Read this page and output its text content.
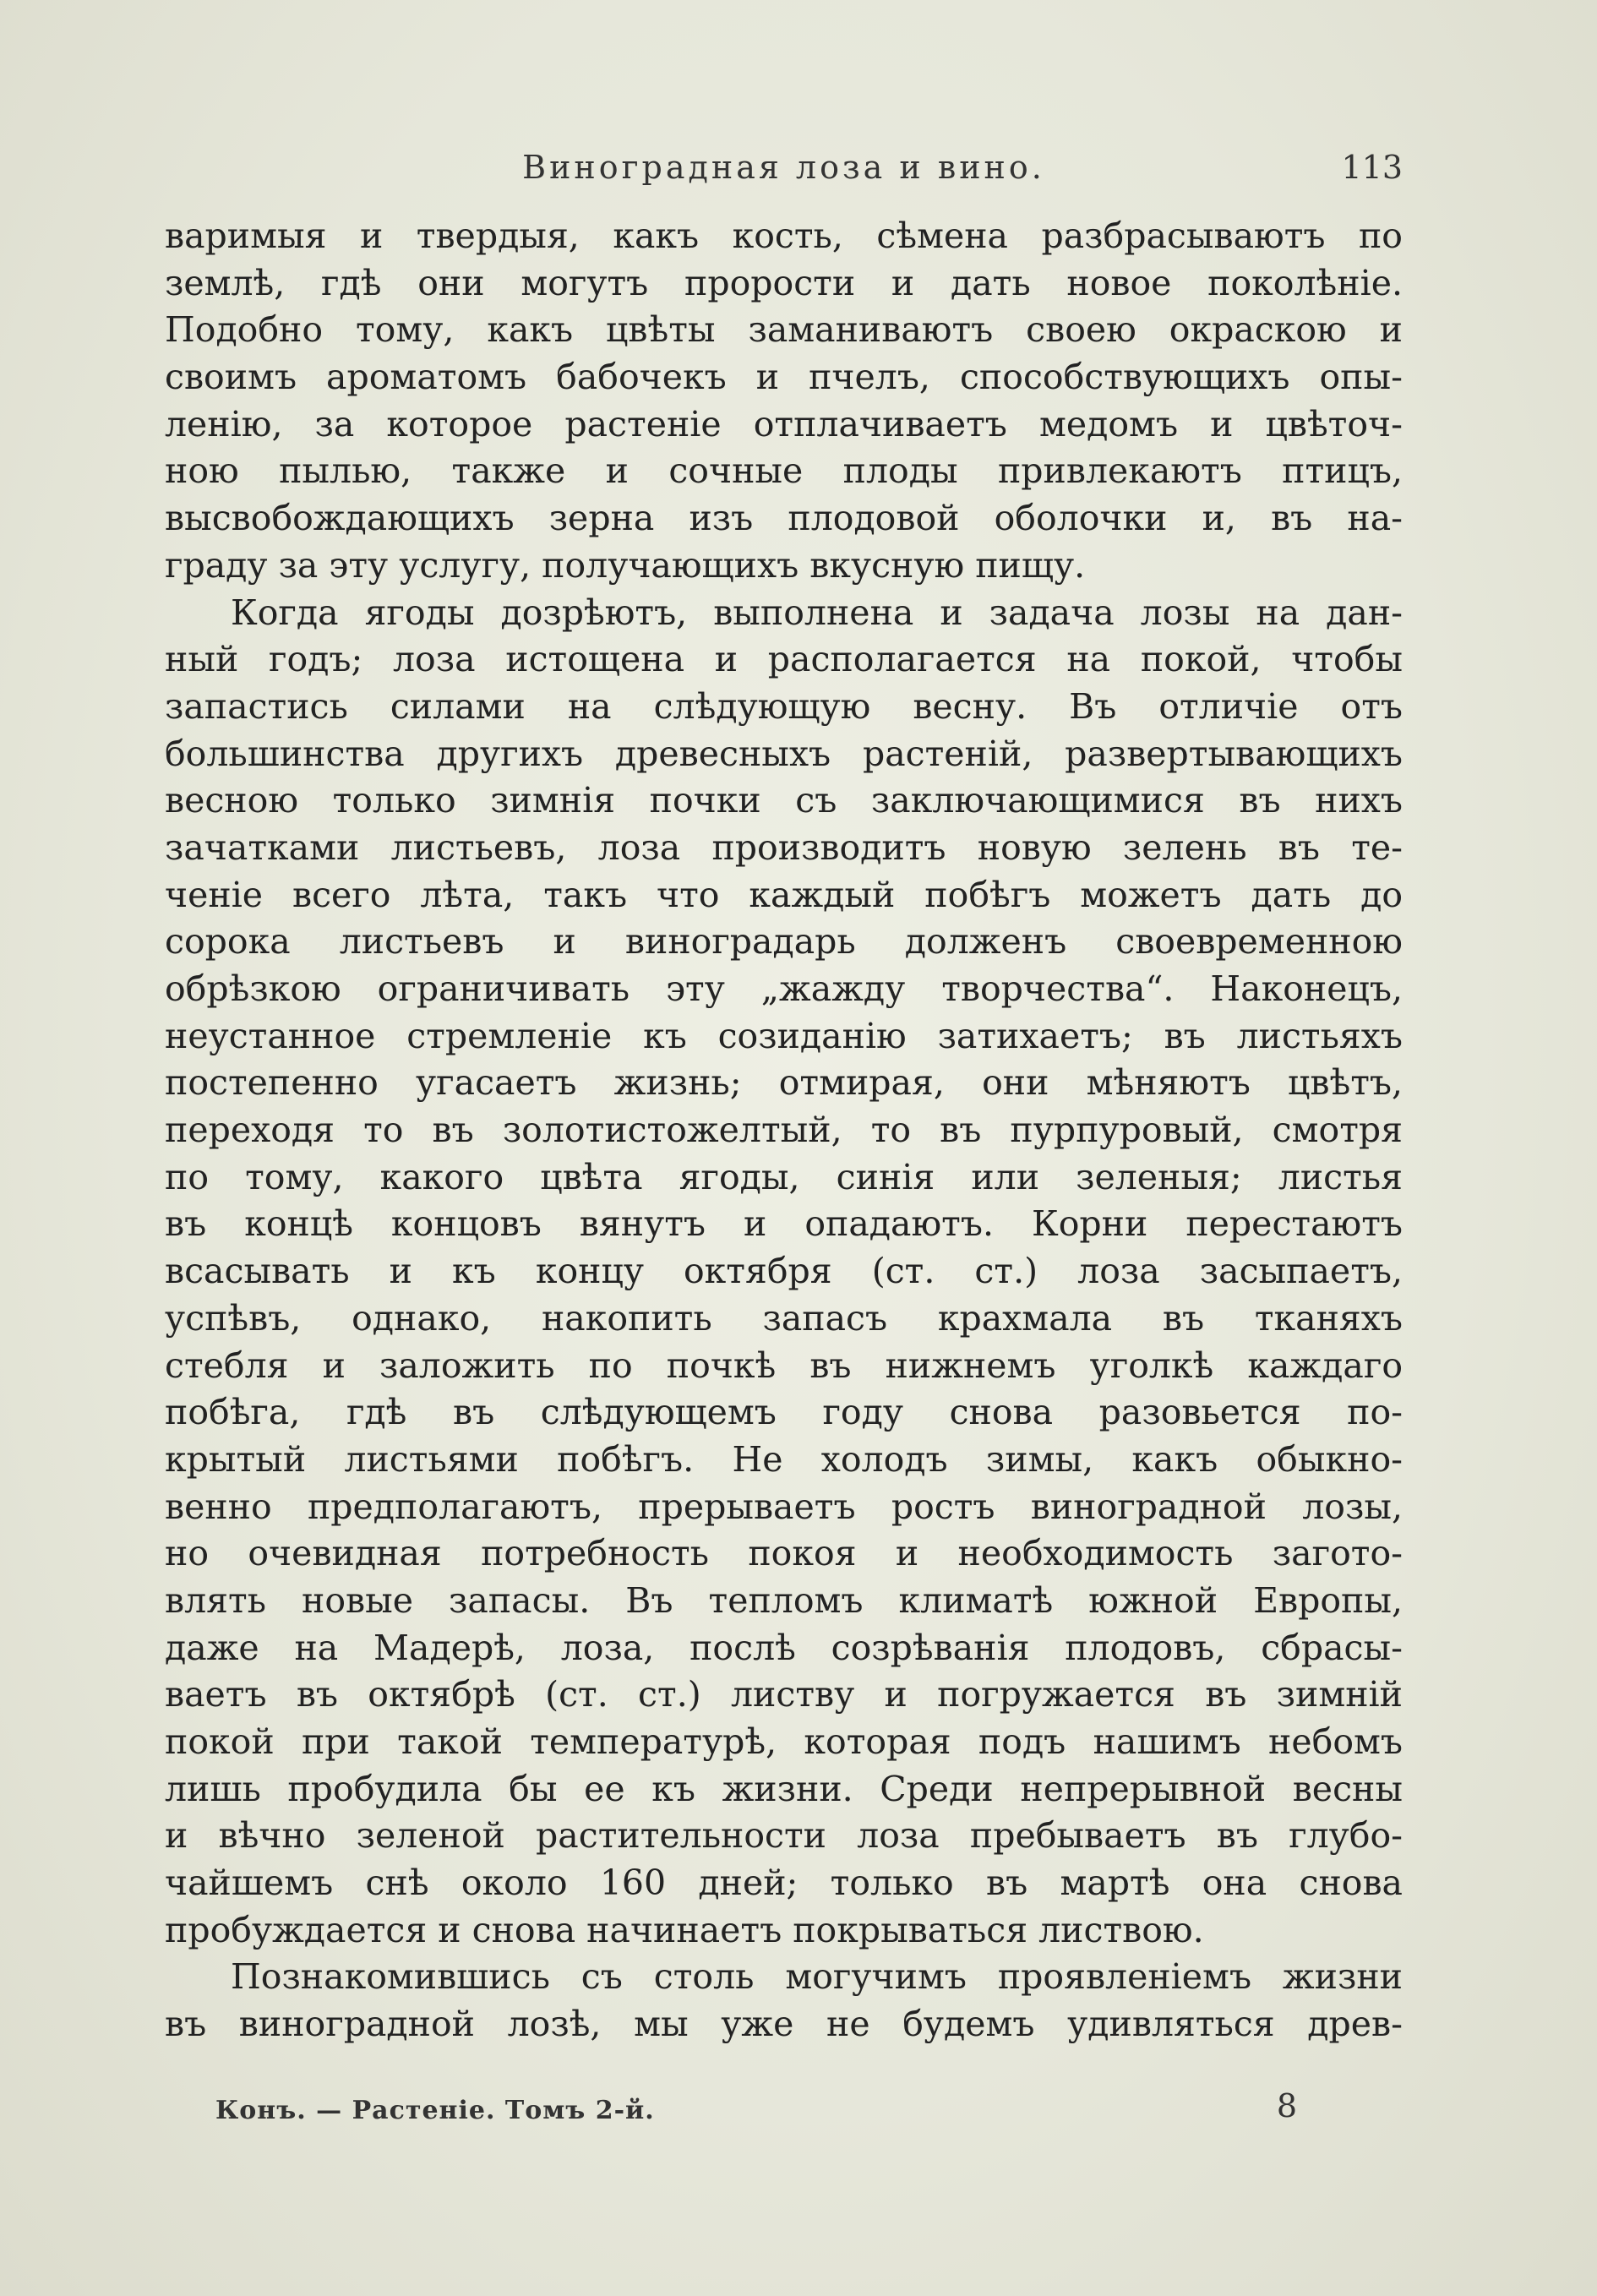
Виноградная лоза и вино.	113
варимыя и твердыя, какъ кость, сѣмена разбрасываютъ по
землѣ, гдѣ они могутъ прорости и дать новое поколѣніе.
Подобно тому, какъ цвѣты заманиваютъ своею окраскою и
своимъ ароматомъ бабочекъ и пчелъ, способствующихъ опы-
ленію, за которое растеніе отплачиваетъ медомъ и цвѣточ-
ною пылью, также и сочные плоды привлекаютъ птицъ,
высвобождающихъ зерна изъ плодовой оболочки и, въ на-
граду за эту услугу, получающихъ вкусную пищу.
Когда ягоды дозрѣютъ, выполнена и задача лозы на дан-
ный годъ; лоза истощена и располагается на покой, чтобы
запастись силами на слѣдующую весну. Въ отличіе отъ
большинства другихъ древесныхъ растеній, развертывающихъ
весною только зимнія почки съ заключающимися въ нихъ
зачатками листьевъ, лоза производитъ новую зелень въ те-
ченіе всего лѣта, такъ что каждый побѣгъ можетъ дать до
сорока листьевъ и виноградарь долженъ своевременною
обрѣзкою ограничивать эту „жажду творчества“. Наконецъ,
неустанное стремленіе къ созиданію затихаетъ; въ листьяхъ
постепенно угасаетъ жизнь; отмирая, они мѣняютъ цвѣтъ,
переходя то въ золотистожелтый, то въ пурпуровый, смотря
по тому, какого цвѣта ягоды, синія или зеленыя; листья
въ концѣ концовъ вянутъ и опадаютъ. Корни перестаютъ
всасывать и къ концу октября (ст. ст.) лоза засыпаетъ,
успѣвъ, однако, накопить запасъ крахмала въ тканяхъ
стебля и заложить по почкѣ въ нижнемъ уголкѣ каждаго
побѣга, гдѣ въ слѣдующемъ году снова разовьется по-
крытый листьями побѣгъ. Не холодъ зимы, какъ обыкно-
венно предполагаютъ, прерываетъ ростъ виноградной лозы,
но очевидная потребность покоя и необходимость загото-
влять новые запасы. Въ тепломъ климатѣ южной Европы,
даже на Мадерѣ, лоза, послѣ созрѣванія плодовъ, сбрасы-
ваетъ въ октябрѣ (ст. ст.) листву и погружается въ зимній
покой при такой температурѣ, которая подъ нашимъ небомъ
лишь пробудила бы ее къ жизни. Среди непрерывной весны
и вѣчно зеленой растительности лоза пребываетъ въ глубо-
чайшемъ снѣ около 160 дней; только въ мартѣ она снова
пробуждается и снова начинаетъ покрываться листвою.
Познакомившись съ столь могучимъ проявленіемъ жизни
въ виноградной лозѣ, мы уже не будемъ удивляться древ-
Конъ. — Растеніе. Томъ 2-й.	8
